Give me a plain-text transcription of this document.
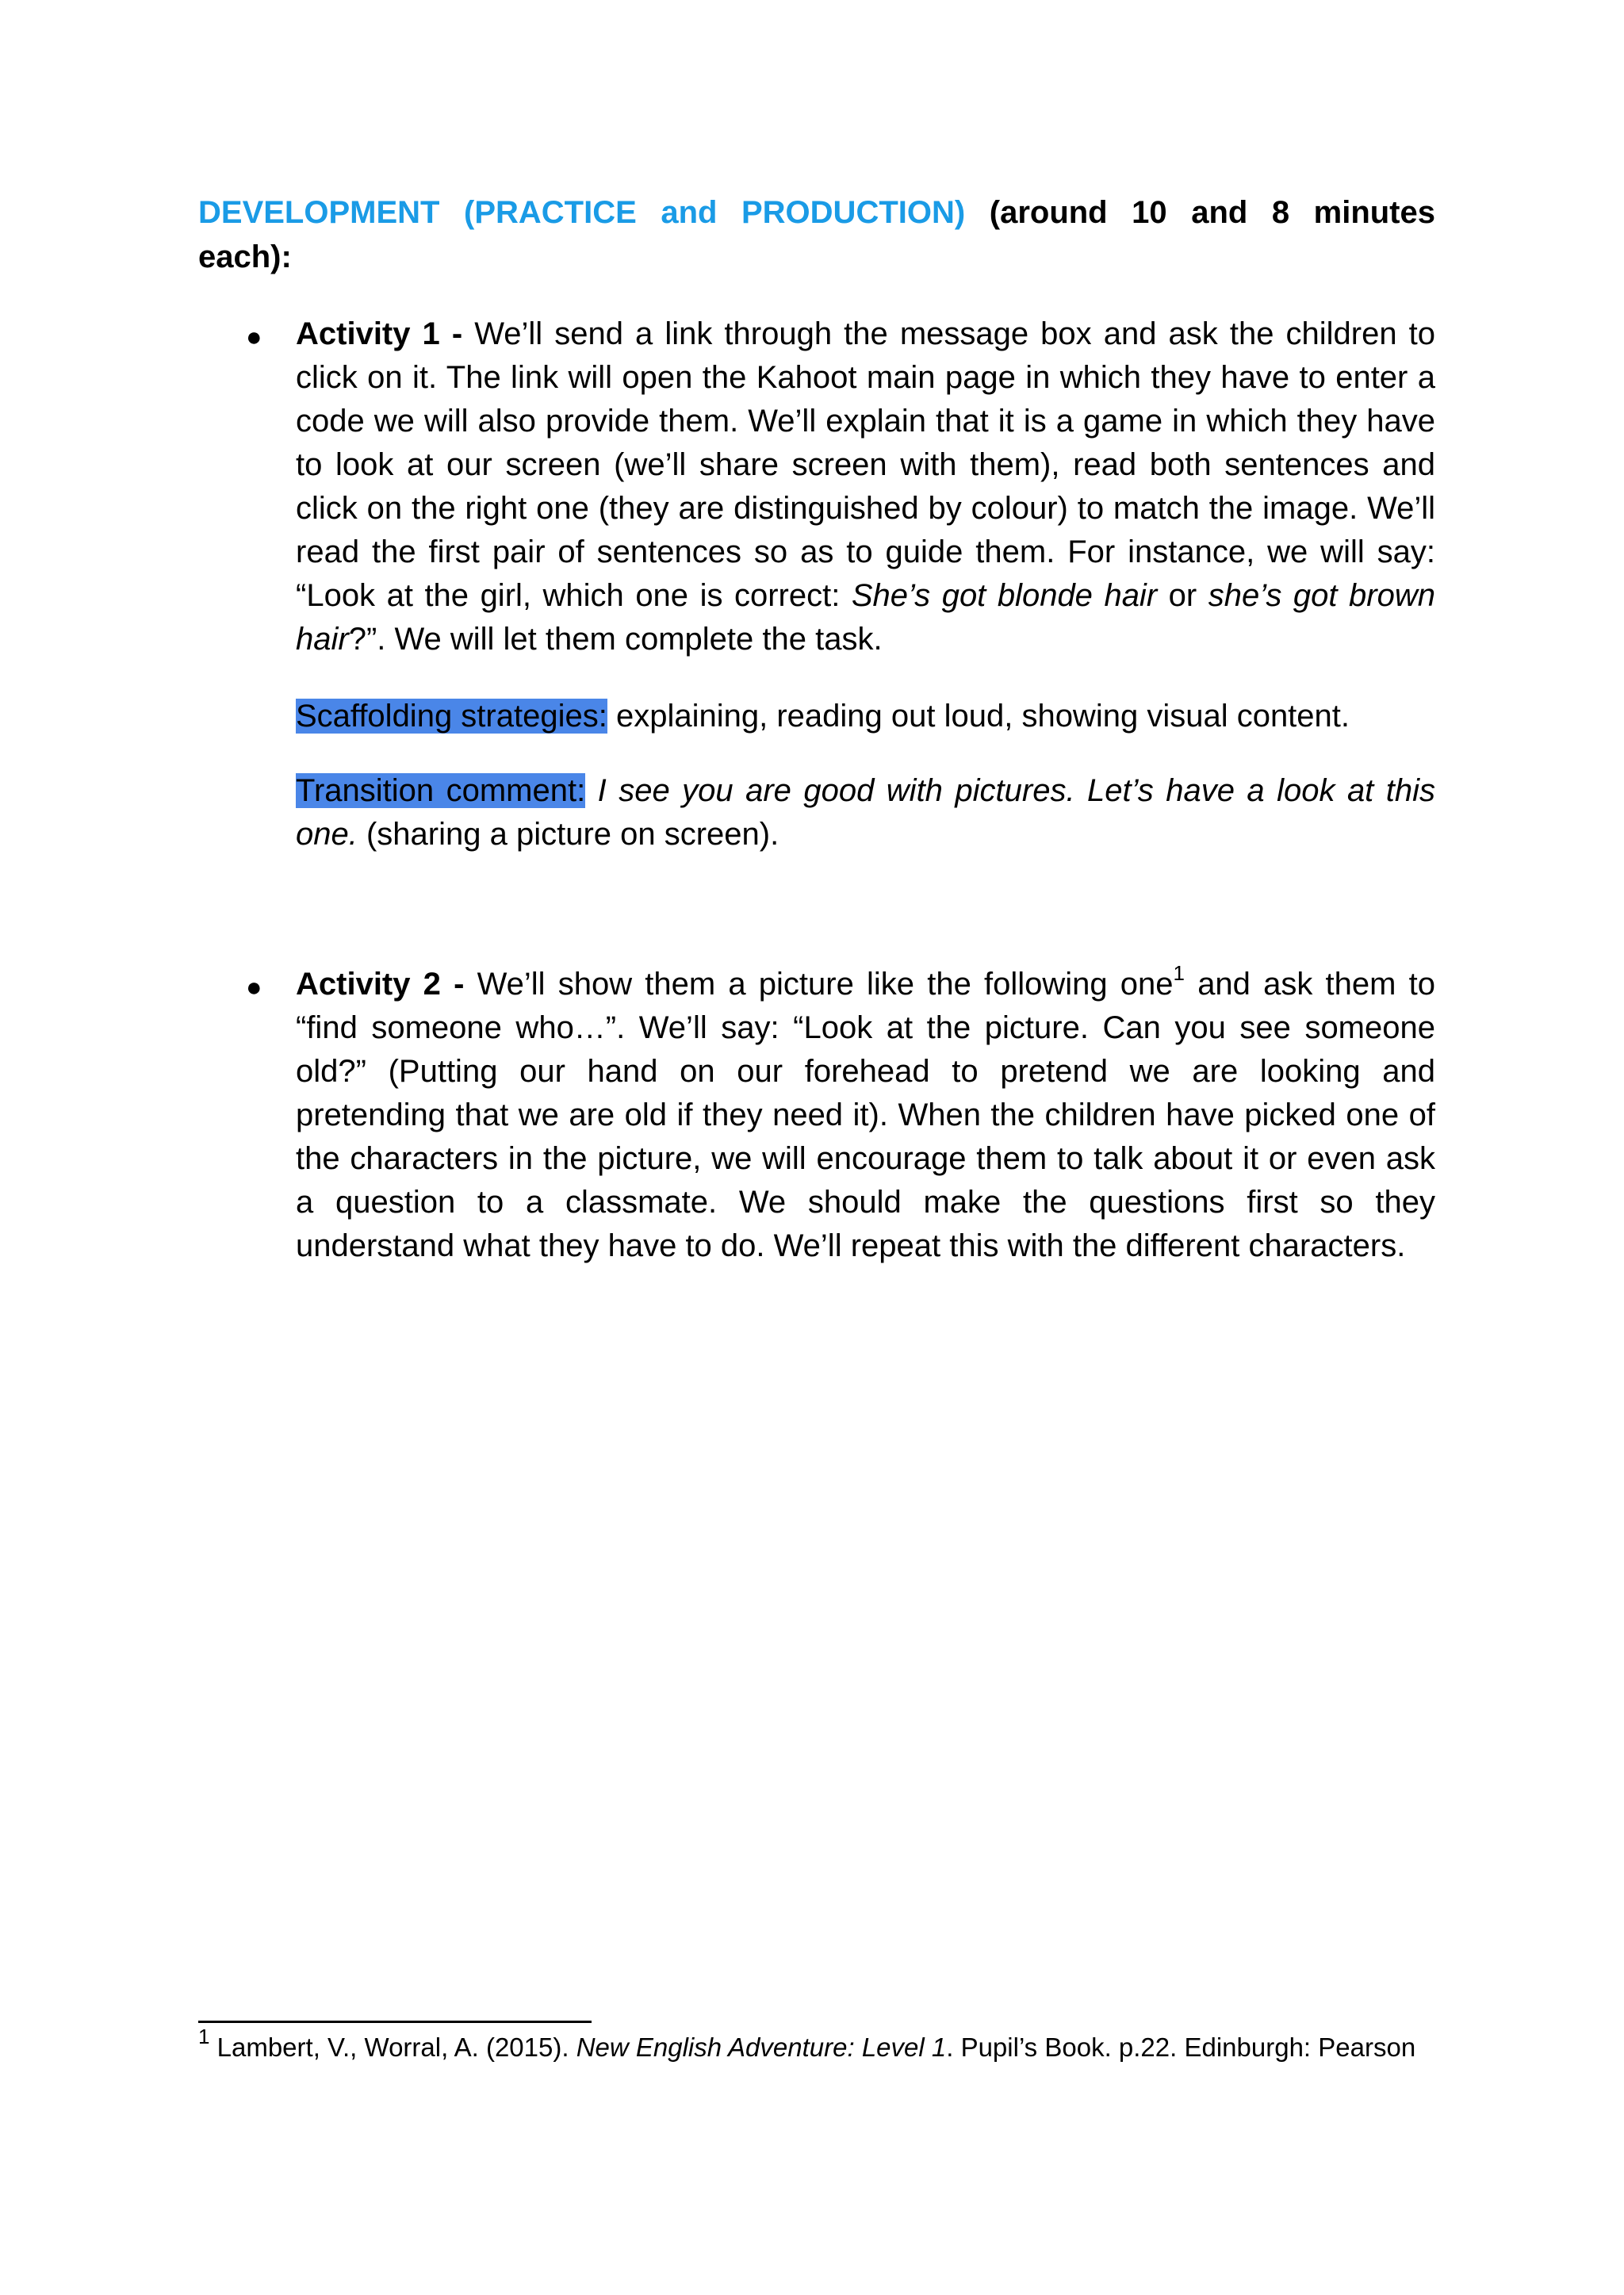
DEVELOPMENT (PRACTICE and PRODUCTION) (around 10 and 8 minutes
each):
● Activity 1 - We’ll send a link through the message box and ask the children to click on it. The link will open the Kahoot main page in which they have to enter a code we will also provide them. We’ll explain that it is a game in which they have to look at our screen (we’ll share screen with them), read both sentences and click on the right one (they are distinguished by colour) to match the image. We’ll read the first pair of sentences so as to guide them. For instance, we will say: “Look at the girl, which one is correct: She’s got blonde hair or she’s got brown hair?”. We will let them complete the task.
Scaffolding strategies: explaining, reading out loud, showing visual content.
Transition comment: I see you are good with pictures. Let’s have a look at this one. (sharing a picture on screen).
● Activity 2 - We’ll show them a picture like the following one$^1$ and ask them to “find someone who…”. We’ll say: “Look at the picture. Can you see someone old?” (Putting our hand on our forehead to pretend we are looking and pretending that we are old if they need it). When the children have picked one of the characters in the picture, we will encourage them to talk about it or even ask a question to a classmate. We should make the questions first so they understand what they have to do. We’ll repeat this with the different characters.
$^1$ Lambert, V., Worral, A. (2015). New English Adventure: Level 1. Pupil’s Book. p.22. Edinburgh: Pearson
